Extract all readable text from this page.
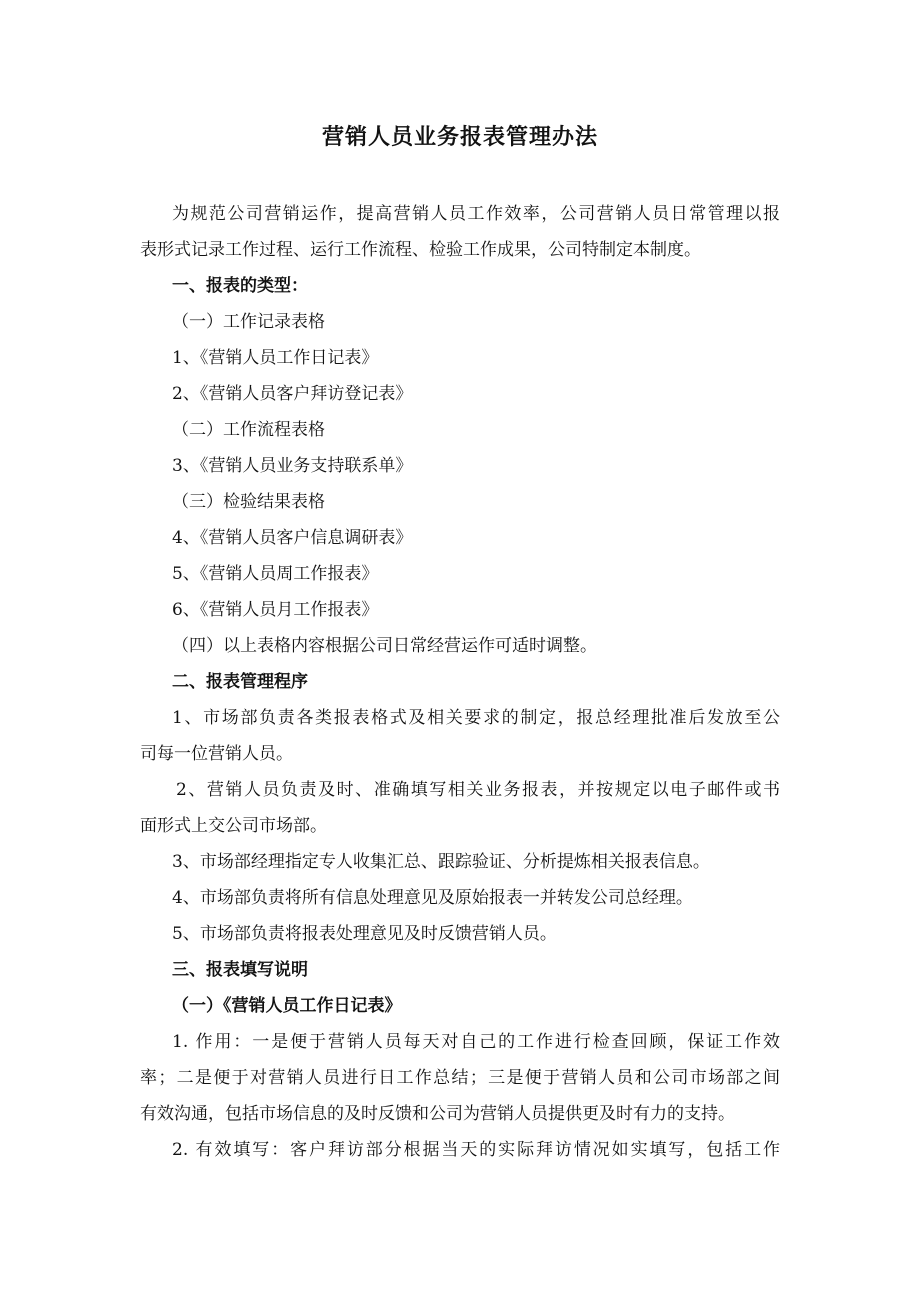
营销人员业务报表管理办法
为规范公司营销运作，提高营销人员工作效率，公司营销人员日常管理以报
表形式记录工作过程、运行工作流程、检验工作成果，公司特制定本制度。
一、报表的类型：
（一）工作记录表格
1、《营销人员工作日记表》
2、《营销人员客户拜访登记表》
（二）工作流程表格
3、《营销人员业务支持联系单》
（三）检验结果表格
4、《营销人员客户信息调研表》
5、《营销人员周工作报表》
6、《营销人员月工作报表》
（四）以上表格内容根据公司日常经营运作可适时调整。
二、报表管理程序
1、市场部负责各类报表格式及相关要求的制定，报总经理批准后发放至公
司每一位营销人员。
2、营销人员负责及时、准确填写相关业务报表，并按规定以电子邮件或书
面形式上交公司市场部。
3、市场部经理指定专人收集汇总、跟踪验证、分析提炼相关报表信息。
4、市场部负责将所有信息处理意见及原始报表一并转发公司总经理。
5、市场部负责将报表处理意见及时反馈营销人员。
三、报表填写说明
（一）《营销人员工作日记表》
1. 作用：一是便于营销人员每天对自己的工作进行检查回顾，保证工作效
率；二是便于对营销人员进行日工作总结；三是便于营销人员和公司市场部之间
有效沟通，包括市场信息的及时反馈和公司为营销人员提供更及时有力的支持。
2. 有效填写：客户拜访部分根据当天的实际拜访情况如实填写，包括工作
